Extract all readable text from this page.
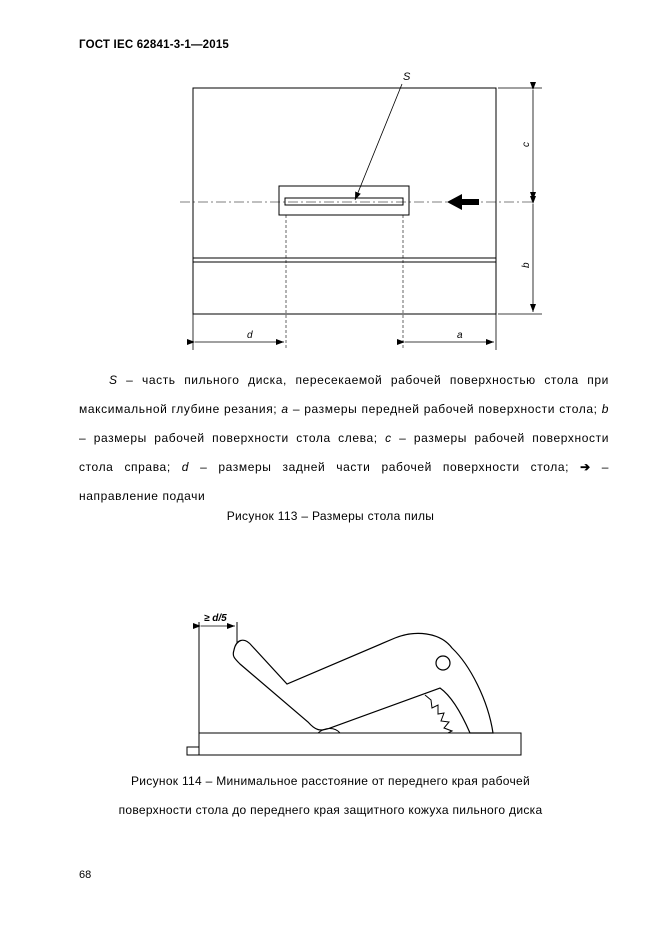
ГОСТ IEC 62841-3-1—2015
S
c
b
d	a
≥ d/5
S – часть пильного диска, пересекаемой рабочей поверхностью стола при максимальной глубине резания; a – размеры передней рабочей поверхности стола; b – размеры рабочей поверхности стола слева; c – размеры рабочей поверхности стола справа; d – размеры задней части рабочей поверхности стола; ➔ – направление подачи
Рисунок 113 – Размеры стола пилы
Рисунок 114 – Минимальное расстояние от переднего края рабочей
поверхности стола до переднего края защитного кожуха пильного диска
68
